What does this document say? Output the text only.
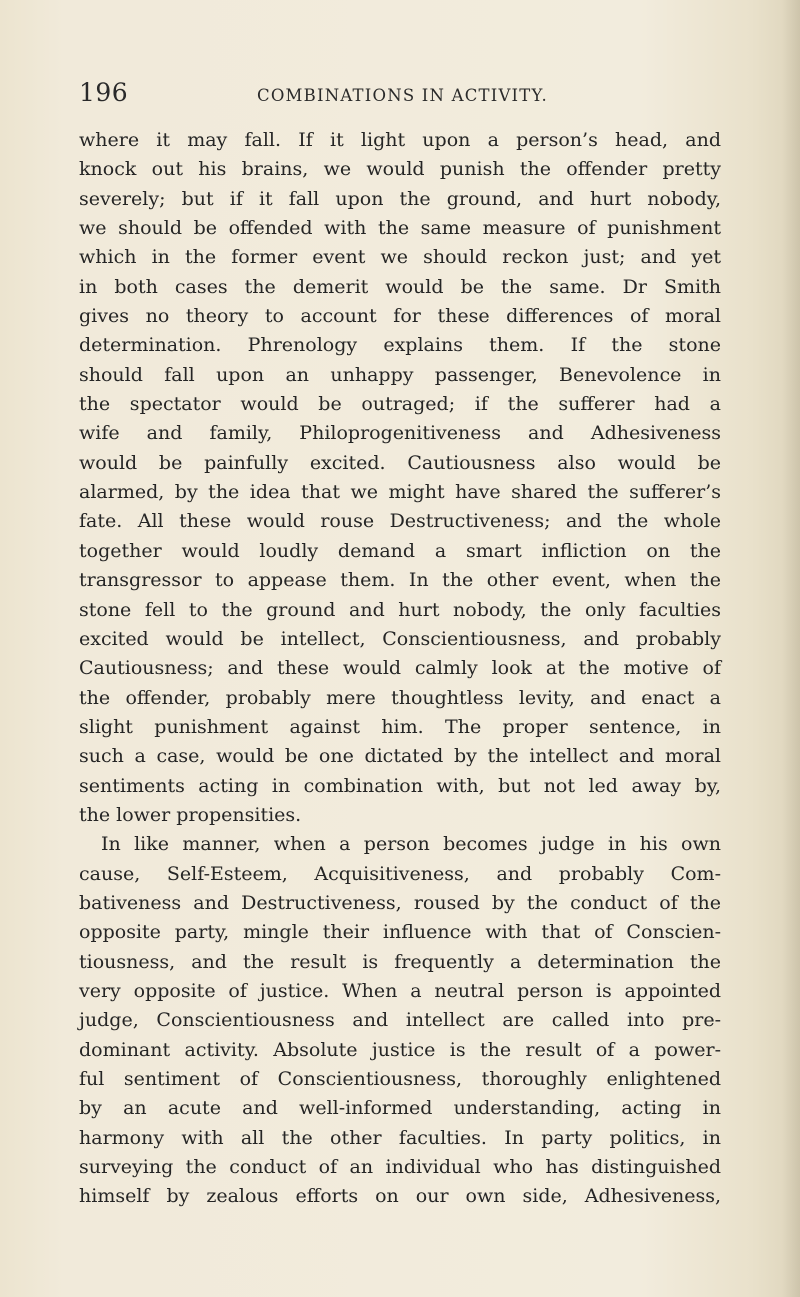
196	COMBINATIONS IN ACTIVITY.
where it may fall. If it light upon a person’s head, and
knock out his brains, we would punish the offender pretty
severely; but if it fall upon the ground, and hurt nobody,
we should be offended with the same measure of punishment
which in the former event we should reckon just; and yet
in both cases the demerit would be the same. Dr Smith
gives no theory to account for these differences of moral
determination. Phrenology explains them. If the stone
should fall upon an unhappy passenger, Benevolence in
the spectator would be outraged; if the sufferer had a
wife and family, Philoprogenitiveness and Adhesiveness
would be painfully excited. Cautiousness also would be
alarmed, by the idea that we might have shared the sufferer’s
fate. All these would rouse Destructiveness; and the whole
together would loudly demand a smart infliction on the
transgressor to appease them. In the other event, when the
stone fell to the ground and hurt nobody, the only faculties
excited would be intellect, Conscientiousness, and probably
Cautiousness; and these would calmly look at the motive of
the offender, probably mere thoughtless levity, and enact a
slight punishment against him. The proper sentence, in
such a case, would be one dictated by the intellect and moral
sentiments acting in combination with, but not led away by,
the lower propensities.
In like manner, when a person becomes judge in his own
cause, Self-Esteem, Acquisitiveness, and probably Com-
bativeness and Destructiveness, roused by the conduct of the
opposite party, mingle their influence with that of Conscien-
tiousness, and the result is frequently a determination the
very opposite of justice. When a neutral person is appointed
judge, Conscientiousness and intellect are called into pre-
dominant activity. Absolute justice is the result of a power-
ful sentiment of Conscientiousness, thoroughly enlightened
by an acute and well-informed understanding, acting in
harmony with all the other faculties. In party politics, in
surveying the conduct of an individual who has distinguished
himself by zealous efforts on our own side, Adhesiveness,
